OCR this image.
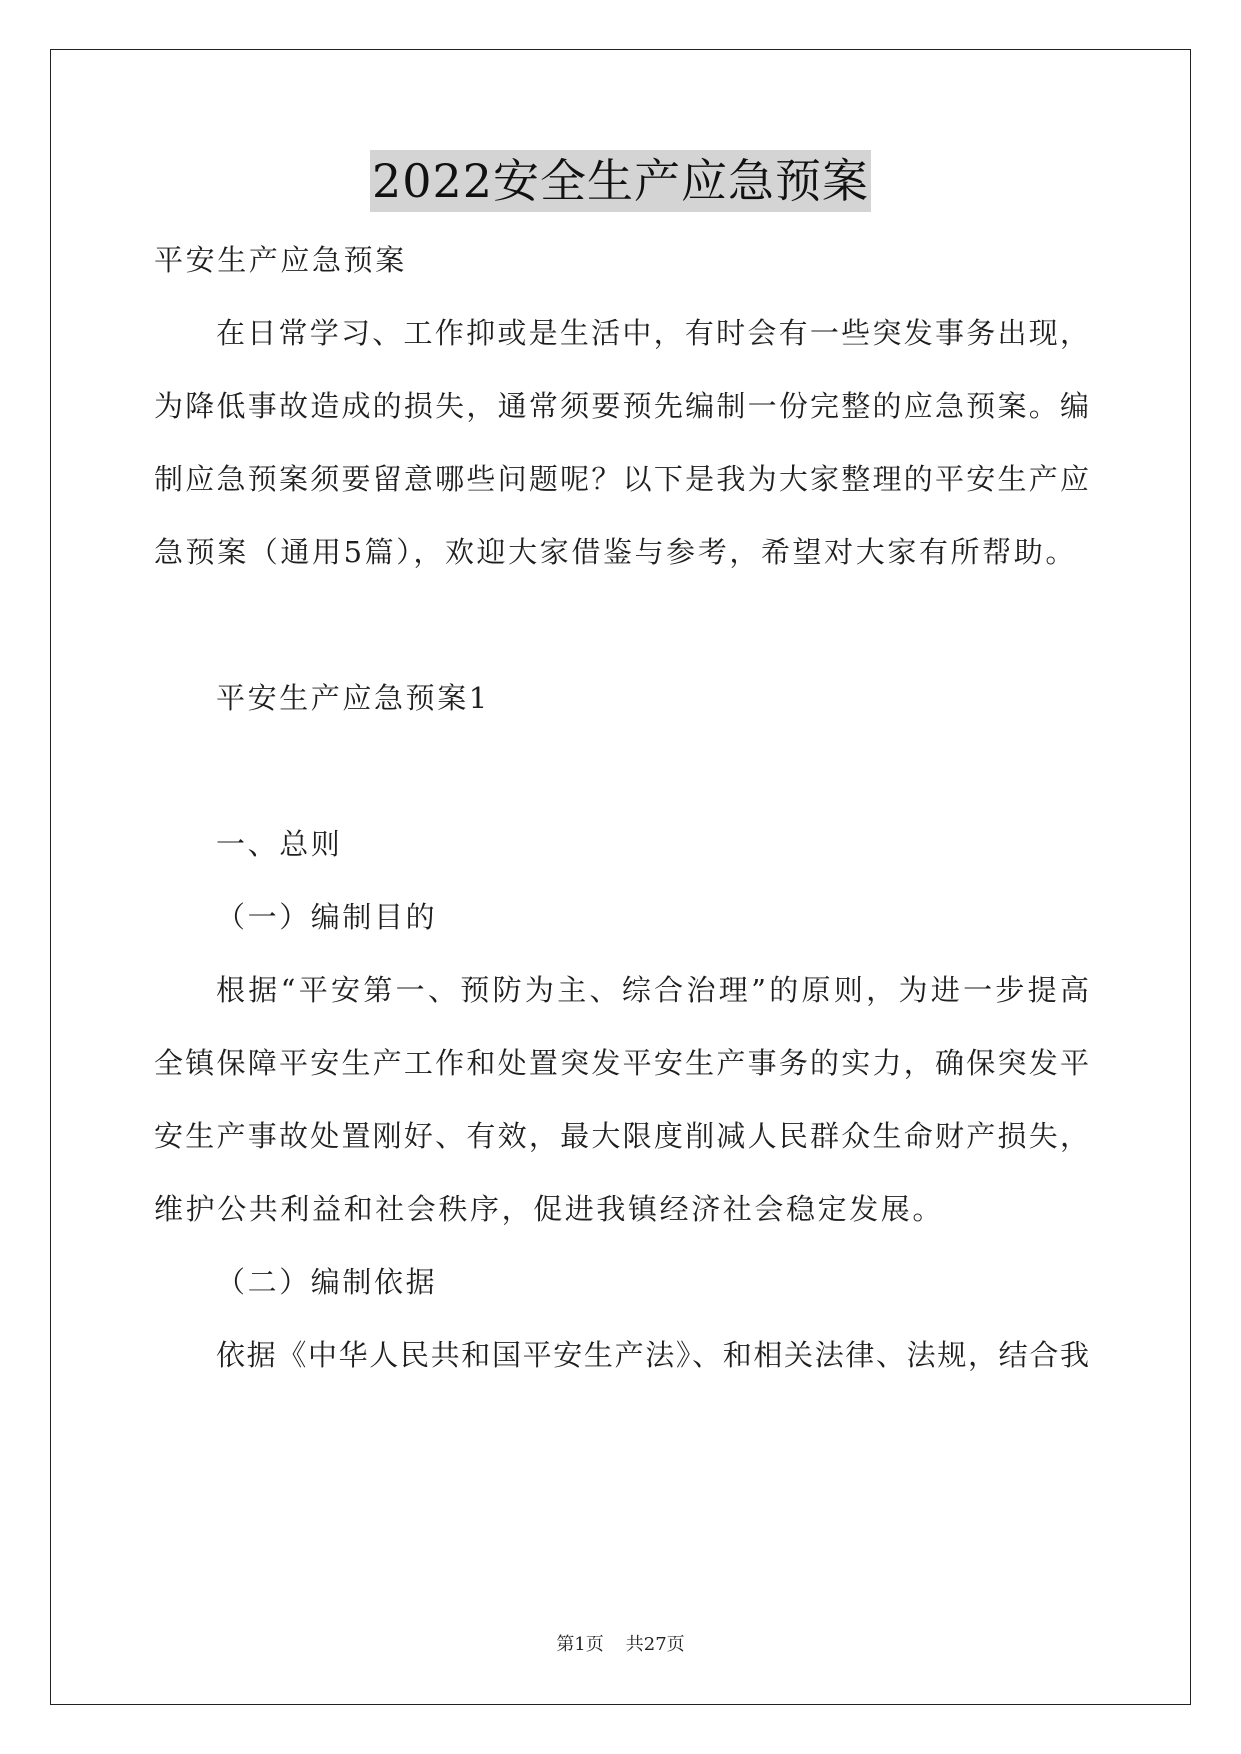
2022安全生产应急预案
平安生产应急预案
在日常学习、工作抑或是生活中，有时会有一些突发事务出现，
为降低事故造成的损失，通常须要预先编制一份完整的应急预案。编
制应急预案须要留意哪些问题呢？以下是我为大家整理的平安生产应
急预案（通用5篇），欢迎大家借鉴与参考，希望对大家有所帮助。
平安生产应急预案1
一、总则
（一）编制目的
根据“平安第一、预防为主、综合治理”的原则，为进一步提高
全镇保障平安生产工作和处置突发平安生产事务的实力，确保突发平
安生产事故处置刚好、有效，最大限度削减人民群众生命财产损失，
维护公共利益和社会秩序，促进我镇经济社会稳定发展。
（二）编制依据
依据《中华人民共和国平安生产法》、和相关法律、法规，结合我
第1页 共27页
